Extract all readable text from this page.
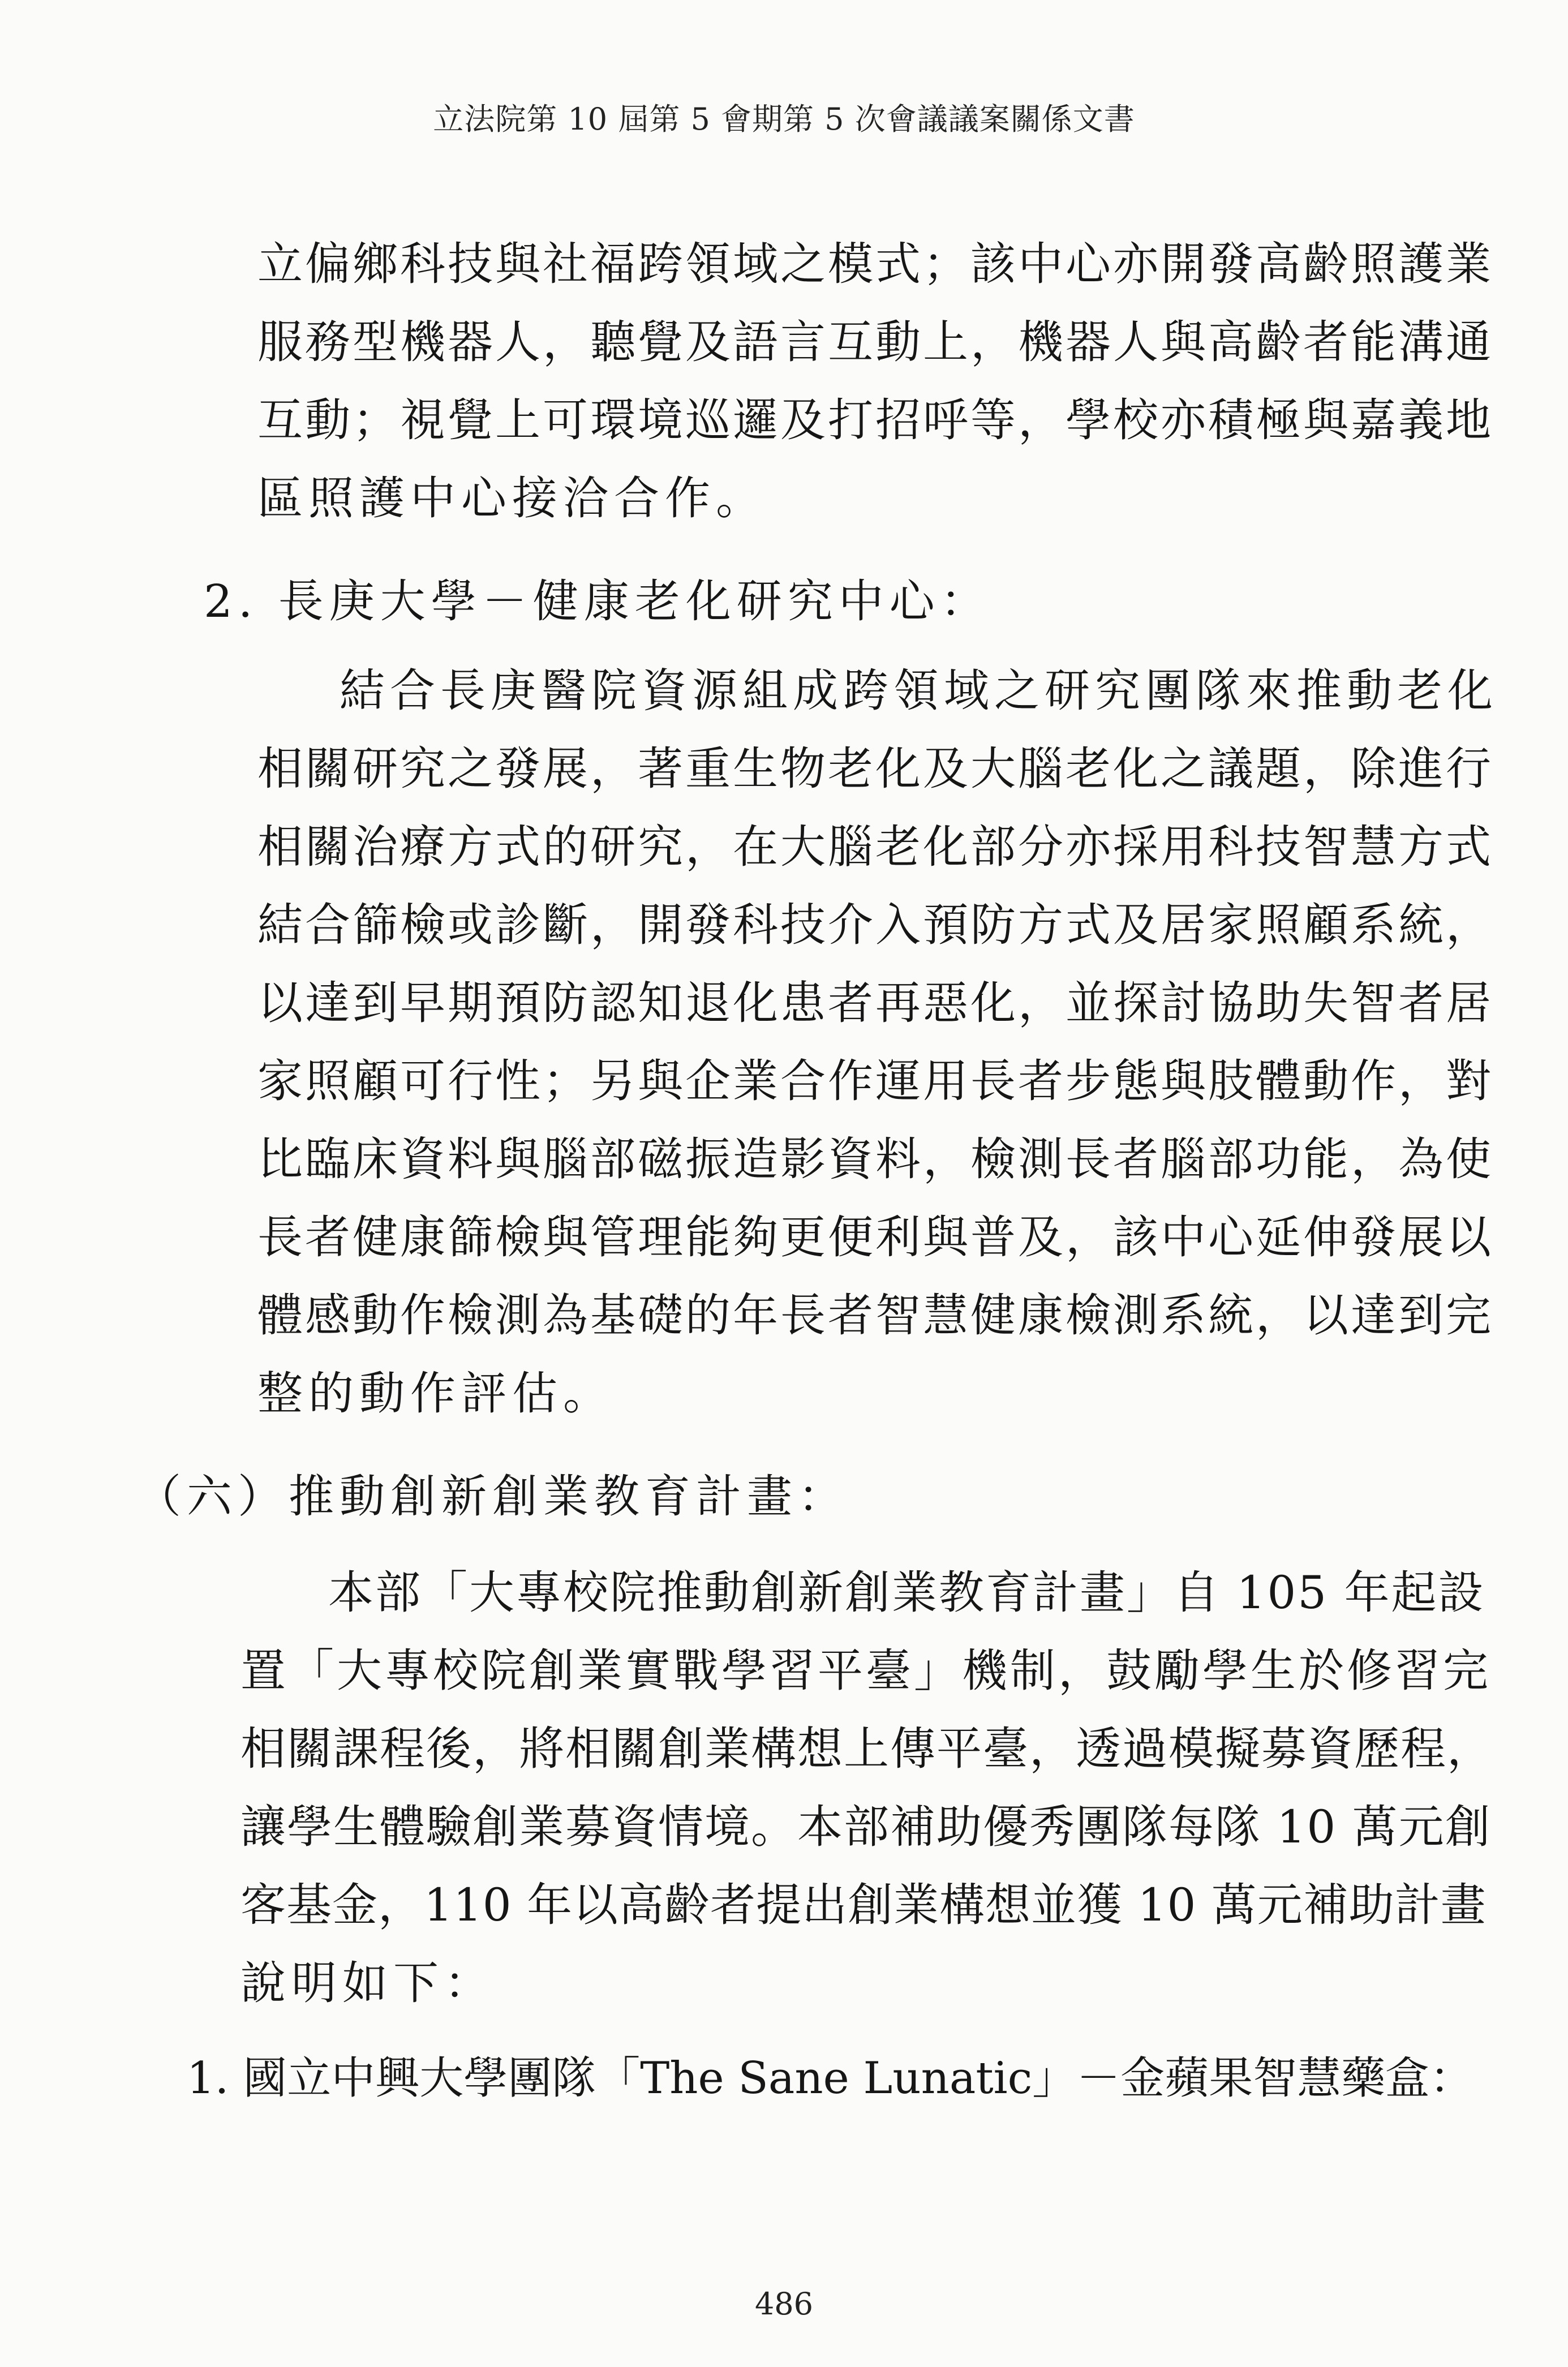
立法院第 10 屆第 5 會期第 5 次會議議案關係文書
立偏鄉科技與社福跨領域之模式；該中心亦開發高齡照護業
服務型機器人，聽覺及語言互動上，機器人與高齡者能溝通
互動；視覺上可環境巡邏及打招呼等，學校亦積極與嘉義地
區照護中心接洽合作。
2. 長庚大學－健康老化研究中心：
結合長庚醫院資源組成跨領域之研究團隊來推動老化
相關研究之發展，著重生物老化及大腦老化之議題，除進行
相關治療方式的研究，在大腦老化部分亦採用科技智慧方式
結合篩檢或診斷，開發科技介入預防方式及居家照顧系統，
以達到早期預防認知退化患者再惡化，並探討協助失智者居
家照顧可行性；另與企業合作運用長者步態與肢體動作，對
比臨床資料與腦部磁振造影資料，檢測長者腦部功能，為使
長者健康篩檢與管理能夠更便利與普及，該中心延伸發展以
體感動作檢測為基礎的年長者智慧健康檢測系統，以達到完
整的動作評估。
（六）推動創新創業教育計畫：
本部「大專校院推動創新創業教育計畫」自 105 年起設
置「大專校院創業實戰學習平臺」機制，鼓勵學生於修習完
相關課程後，將相關創業構想上傳平臺，透過模擬募資歷程，
讓學生體驗創業募資情境。本部補助優秀團隊每隊 10 萬元創
客基金，110 年以高齡者提出創業構想並獲 10 萬元補助計畫
說明如下：
1. 國立中興大學團隊「The Sane Lunatic」－金蘋果智慧藥盒：
486
